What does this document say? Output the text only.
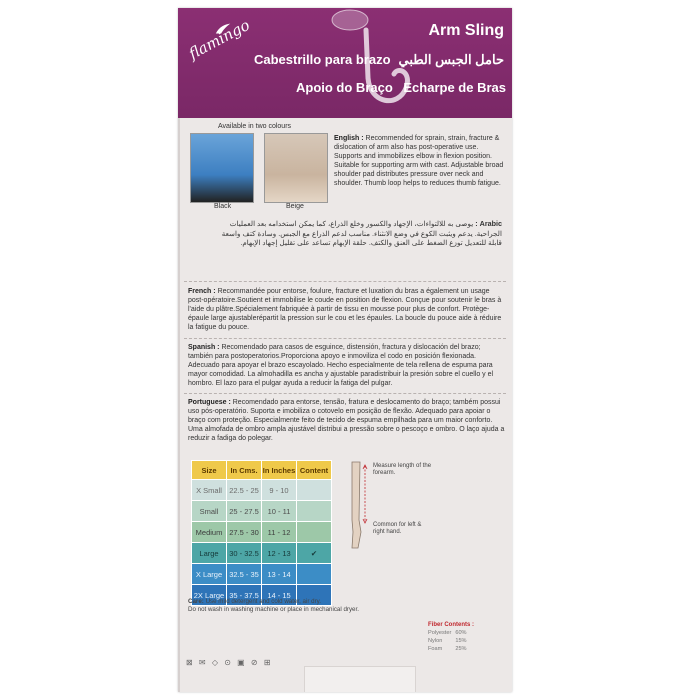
flamingo	Arm Sling
Cabestrillo para brazo حامل الجبس الطبي
Apoio do Braço Echarpe de Bras
Available in two colours
Black	Beige
English : Recommended for sprain, strain, fracture & dislocation of arm also has post-operative use. Supports and immobilizes elbow in flexion position. Suitable for supporting arm with cast. Adjustable broad shoulder pad distributes pressure over neck and shoulder. Thumb loop helps to reduces thumb fatigue.
Arabic : يوصى به للالتواءات، الإجهاد والكسور وخلع الذراع، كما يمكن استخدامه بعد العمليات الجراحية. يدعم ويثبت الكوع في وضع الانثناء. مناسب لدعم الذراع مع الجبس. وسادة كتف واسعة قابلة للتعديل توزع الضغط على العنق والكتف. حلقة الإبهام تساعد على تقليل إجهاد الإبهام.
French : Recommandée pour entorse, foulure, fracture et luxation du bras a également un usage post-opératoire.Soutient et immobilise le coude en position de flexion. Conçue pour soutenir le bras à l'aide du plâtre.Spécialement fabriquée à partir de tissu en mousse pour plus de confort. Protège-épaule large ajustablerépartit la pression sur le cou et les épaules. La boucle du pouce aide à réduire la fatigue du pouce.
Spanish : Recomendado para casos de esguince, distensión, fractura y dislocación del brazo; también para postoperatorios.Proporciona apoyo e inmoviliza el codo en posición flexionada. Adecuado para apoyar el brazo escayolado. Hecho especialmente de tela rellena de espuma para mayor comodidad. La almohadilla es ancha y ajustable paradistribuir la presión sobre el cuello y el hombro. El lazo para el pulgar ayuda a reducir la fatiga del pulgar.
Portuguese : Recomendado para entorse, tensão, fratura e deslocamento do braço; também possui uso pós-operatório. Suporta e imobiliza o cotovelo em posição de flexão. Adequado para apoiar o braço com proteção. Especialmente feito de tecido de espuma empilhada para um maior conforto. Uma almofada de ombro ampla ajustável distribui a pressão sobre o pescoço e ombro. O laço ajuda a reduzir a fadiga do polegar.
Size	In Cms.	In Inches	Content
X Small	22.5 - 25	9 - 10	
Small	25 - 27.5	10 - 11	
Medium	27.5 - 30	11 - 12	
Large	30 - 32.5	12 - 13	✔
X Large	32.5 - 35	13 - 14	
2X Large	35 - 37.5	14 - 15	
Measure length of the forearm.
Common for left & right hand.
Care: Use mild detergent and cold water, air dry.
Do not wash in washing machine or place in mechanical dryer.
Fiber Contents :
Polyester	60%
Nylon	15%
Foam	25%
⊠ ✉ ◇ ⊙ ▣ ⊘ ⊞
